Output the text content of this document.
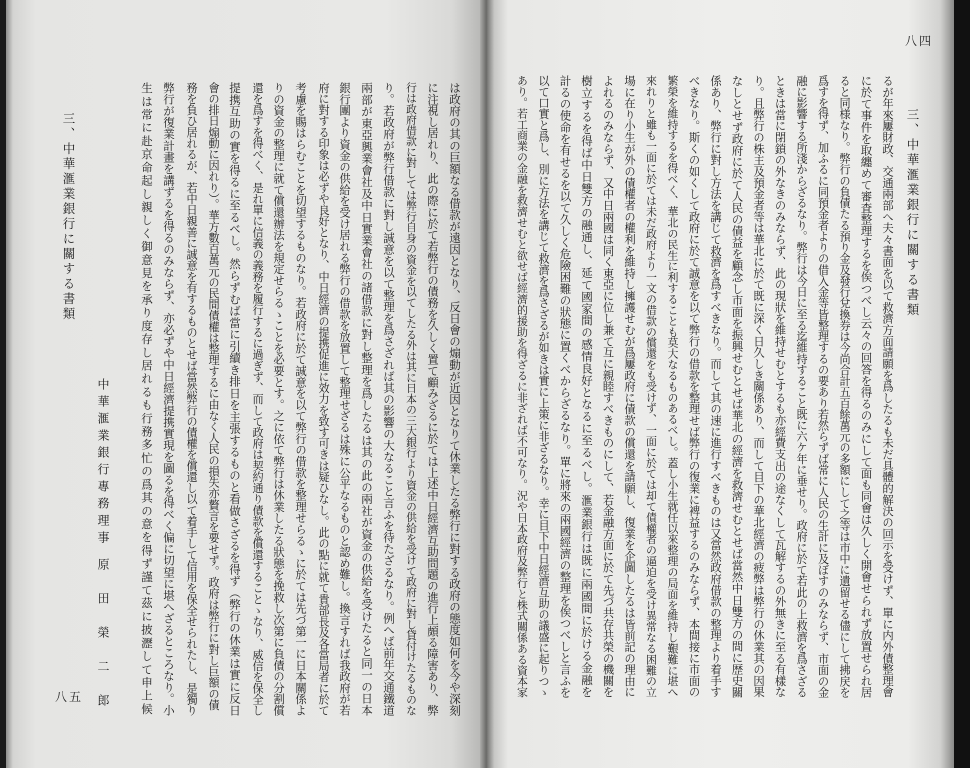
は政府の其の巨額なる借款が遠因となり、反日會の煽動が近因となりて休業したる弊行に對する政府の態度如何を今や深刻
に注視し居れり、此の際に於て若弊行の債務を久しく置て顧みざるに於ては上述中日經濟互助問題の進行上頗る障害あり、弊
行は政府借款に對しては弊行自身の資金を以てしたる外は其に日本の三大銀行より資金の供給を受けて政府に對し貸付けたるものな
り。若政府が弊行借款に對し誠意を以て整理を爲さざれば其の影響の大なること言ふを待たざるなり。例へば前年交通鐵道
兩部が東亞興業會社及中日實業會社の諸借款に對し整理を爲したるは其の此の兩社が資金の供給を受けたると同一の日本
銀行團より資金の供給を受け居れる弊行の借款を放置して整理せざるは殊に公平なるものと認め難し。換言すれば我政府が若
府に對する印象は必ずや良好となり、中日經濟の提携促進に效力を致す可きは疑ひなし。此の點に就て貴部長及各當局者に於て
考慮を賜はらむことを切望するものなり。若政府に於て誠意を以て弊行の借款を整理せらるゝに於ては先づ第一に日本關係よ
りの資金の整理に就て償還辦法を規定せらるゝことを必要とす。之に依て弊行は休業したる狀態を挽救し次第に負債の分割償
還を爲すを得べく、是れ單に信義の義務を履行するに過ぎず、而して政府は契約通り債款を償還することゝなり、威信を保全し
提携互助の實を得るに至るべし。然らずむば當に引續き排日を主張するものと看做さざるを得ず（弊行の休業は實に反日
會の排日煽動に因れり）。華方數百萬元の民間債權は整理するに由なく人民の損失亦贅言を要せず。政府は弊行に對し巨額の債
務を負ひ居れるが、若中日親善に誠意を有するものとせば當然弊行の債權を償還し以て着手して信用を保全せられたし、是獨り
弊行が復業計畫を講ずるを得るのみならず、亦必ずや中日經濟提携實現を圖るを得べく偏に切望に堪へざるところなり。小
生は常に赴京命起し親しく御意見を承り度存し居れるも行務多忙の爲其の意を得ず謹て茲に披瀝して申上候
中華滙業銀行專務理事
原　田　榮　二　郎
三、中華滙業銀行に關する書類
八五
八四
三、中華滙業銀行に關する書類
るが年來屢財政、交通兩部へ夫々書面を以て救濟方面請願を爲したるも未だ具體的解決の回示を受けず、單に内外債整理會
に於て事件を取纏めて審査整理するを俟つべし云々の回答を得るのみにして面も同會は久しく開會せられず放置せられ居
ると同様なり。弊行の負債たる預り金及發行兌換券は今尚合計五百餘萬元の多額にして之等は市中に遺留せる儘にして拂戻を
爲すを得ず、加ふるに同預金者よりの借入金等皆整理するの要あり若然らずば常に人民の生計に及ぼすのみならず、市面の金
融に影響する所淺からざるなり。弊行は今日に至る迄維持すること既に六ケ年に垂せり。政府に於て若此の上救濟を爲さざる
ときは當に閉鎖の外なきのみならず、此の現狀を維持せむとするも亦經費支出の途なくして瓦解するの外無きに至る有樣な
り。且弊行の株主及預金者等は華北に於て既に深く日久しき關係あり、而して目下の華北經濟の疲弊は弊行の休業其の因果
なしとせず政府に於て人民の債益を顧念し市面を振興せむとせば華北の經濟を救濟せむとせば當然中日雙方の間に歴史關
係あり、弊行に對し方法を講じて救濟を爲すべきなり。而して其の速に進行すべきものは又當然政府借款の整理より着手す
べきなり。斯くの如くして政府に於て誠意を以て弊行の借款を整理せば弊行の復業に裨益するのみならず、本間接に市面の
繁榮を維持するを得べく、華北の民生に利することも莫大なるものあるべし。蓋し小生就任以來整理の局面を維持し艱難に堪へ
來れりと雖も一面に於ては未だ政府より一文の借款の償還をも受けず、一面に於ては却て債權者の逼迫を受け異常なる困難の立
場に在り小生が外の債權者の權利を維持し擁護せむが爲屢政府に債款の償還を請願し、復業を企圖したるは皆前記の理由に
よれるのみならず、又中日兩國は同く東亞に位し兼て互に親睦すべきものにして、若金融方面に於て先づ共存共榮の機關を
樹立するを得ば中日雙方の融通し、延て國家間の感情良好となるに至るべし。滙業銀行は既に兩國間に於ける金融を
計るの使命を有せるを以て久しく危險困難の狀態に置くべからざるなり。單に將來の兩國經濟の整理を俟つべしと言ふを
以て口實と爲し、別に方法を講じて救濟を爲さざるが如きは實に上策に非ざるなり。幸に目下中日經濟互助の議盛に起りつゝ
あり。若工商業の金融を救濟せむと欲せば經濟的援助を得ざるに非ざれば不可なり。況や日本政府及弊行と株式關係ある資本家
